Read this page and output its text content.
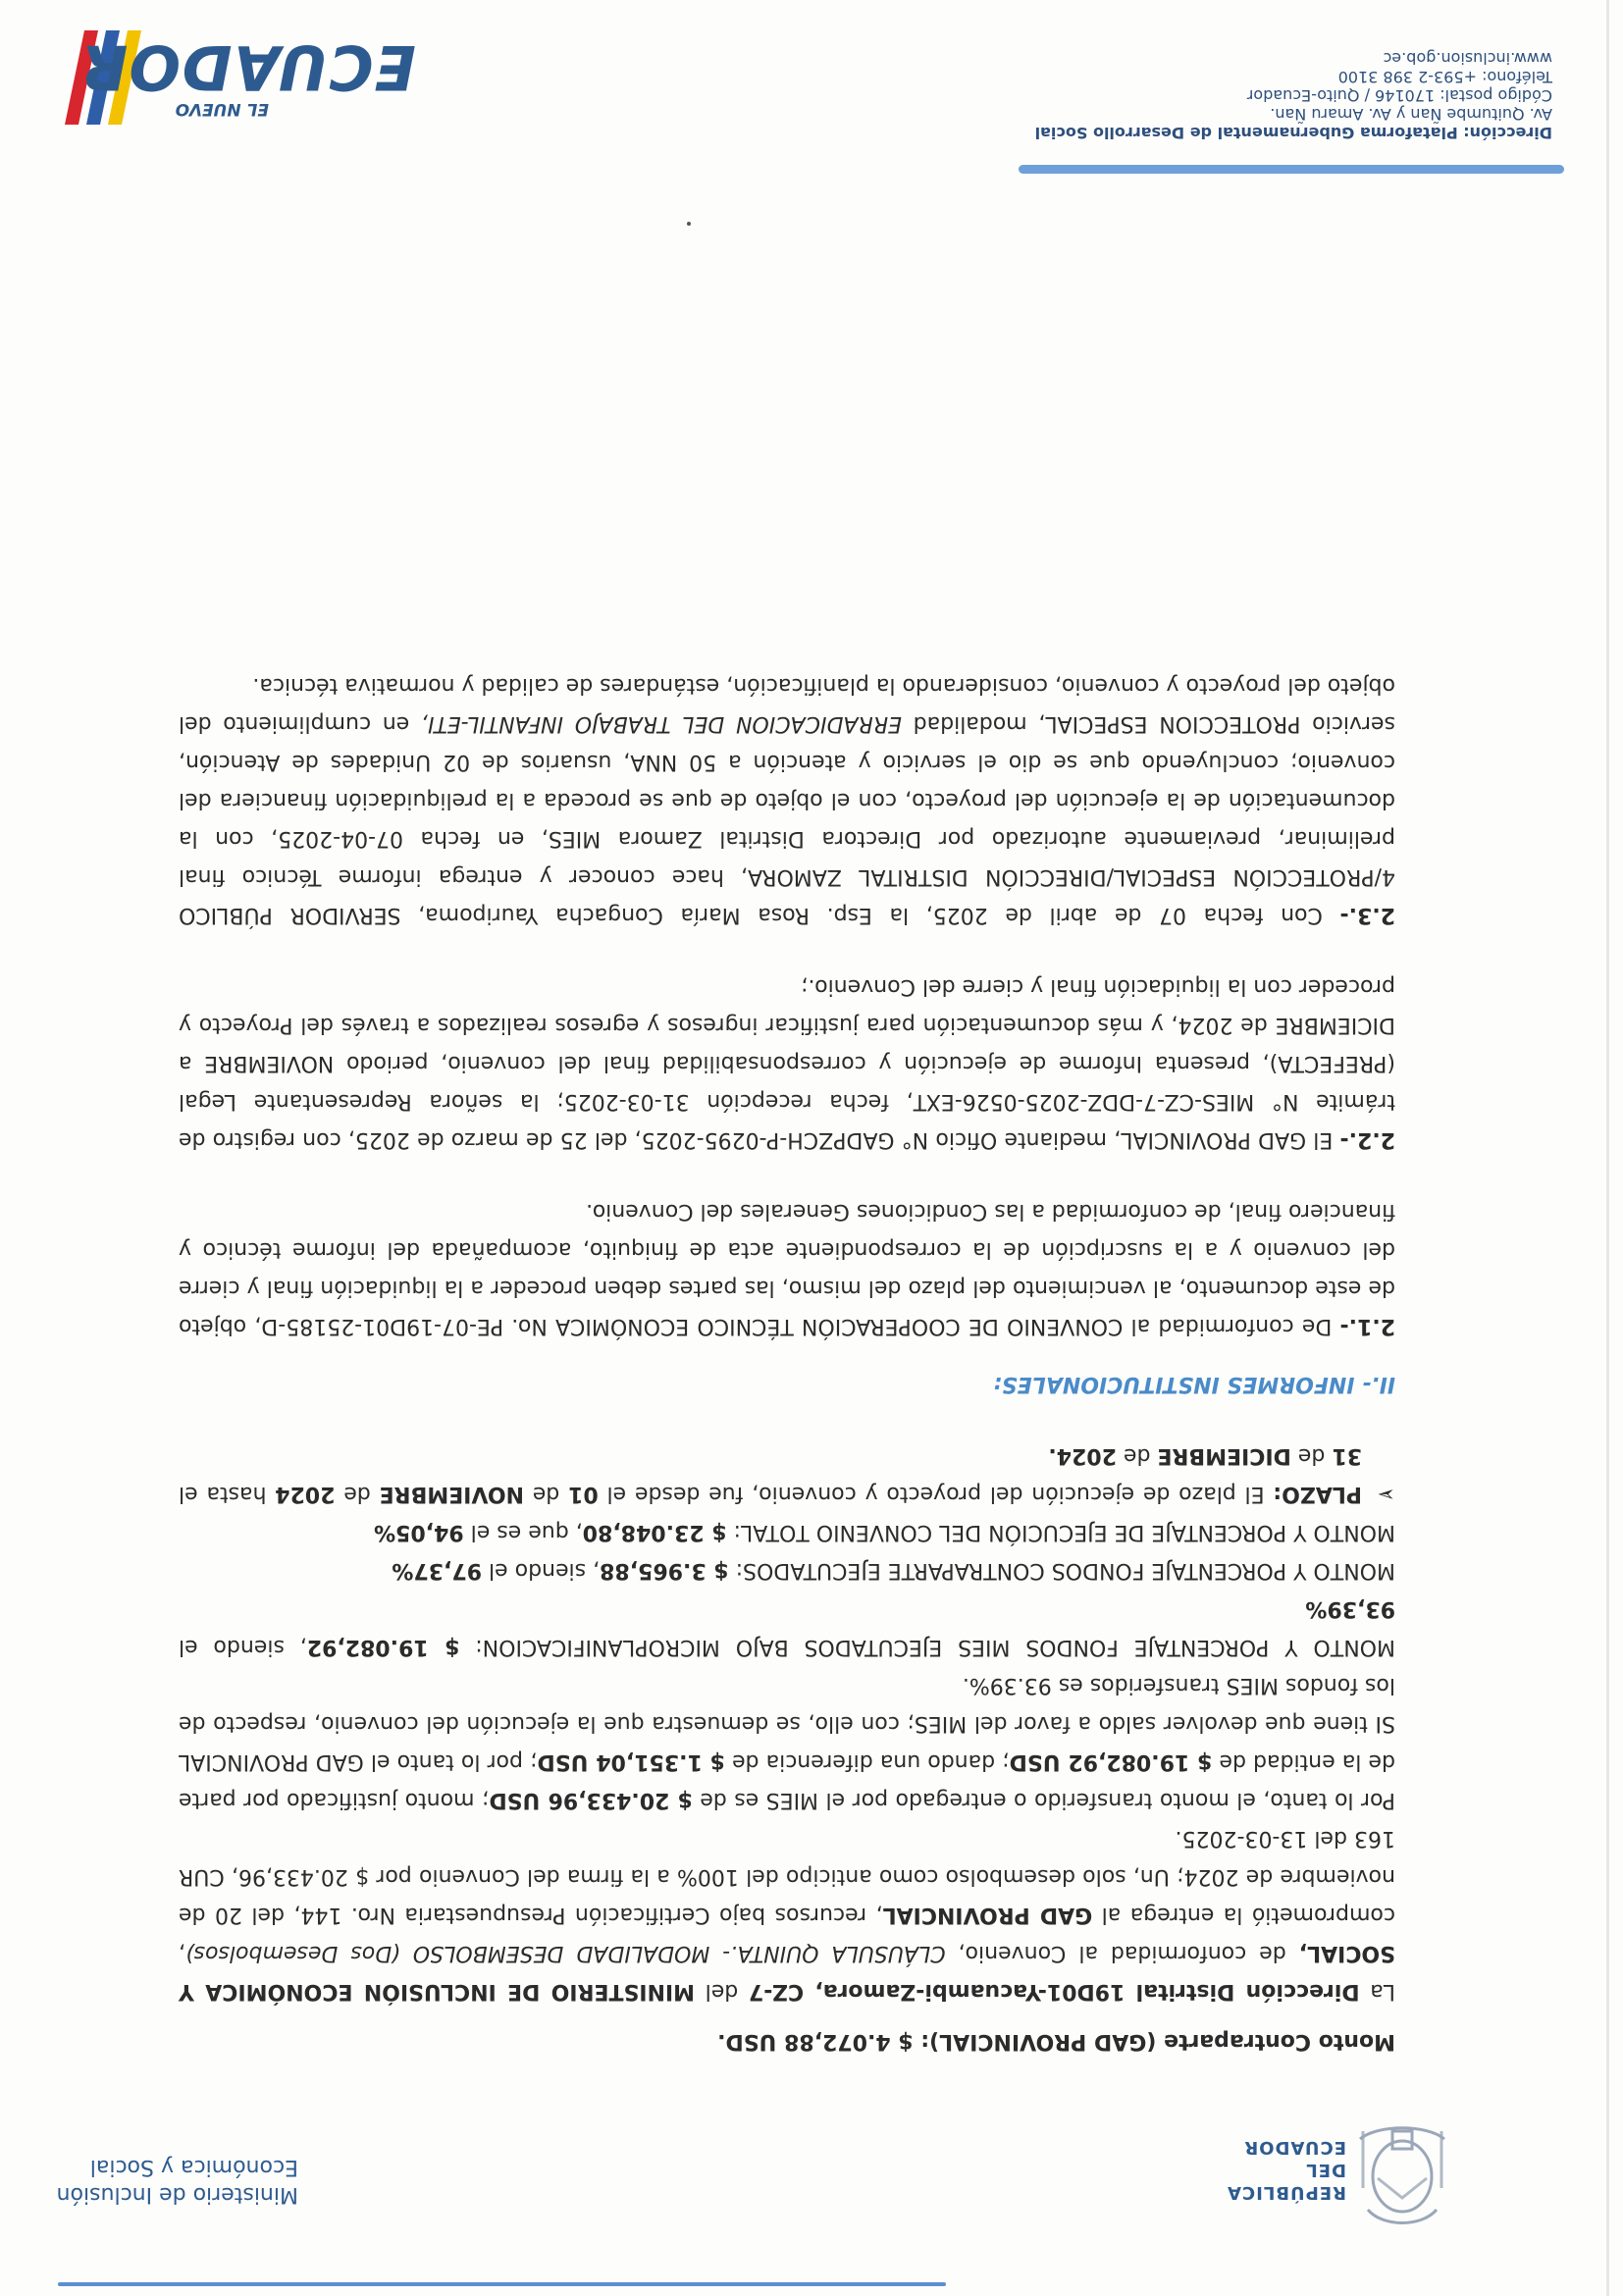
REPÚBLICA
DEL ECUADOR
Ministerio de Inclusión
Económica y Social

Monto Contraparte (GAD PROVINCIAL): $ 4.072,88 USD.

La Dirección Distrital 19D01-Yacuambi-Zamora, CZ-7 del MINISTERIO DE INCLUSIÓN ECONÓMICA Y SOCIAL, de conformidad al Convenio, CLÁUSULA QUINTA.- MODALIDAD DESEMBOLSO (Dos Desembolsos), comprometió la entrega al GAD PROVINCIAL, recursos bajo Certificación Presupuestaria Nro. 144, del 20 de noviembre de 2024; Un, solo desembolso como anticipo del 100% a la firma del Convenio por $ 20.433,96, CUR 163 del 13-03-2025.

Por lo tanto, el monto transferido o entregado por el MIES es de $ 20.433,96 USD; monto justificado por parte de la entidad de $ 19.082,92 USD; dando una diferencia de $ 1.351,04 USD; por lo tanto el GAD PROVINCIAL SI tiene que devolver saldo a favor del MIES; con ello, se demuestra que la ejecución del convenio, respecto de los fondos MIES transferidos es 93.39%.

MONTO Y PORCENTAJE FONDOS MIES EJECUTADOS BAJO MICROPLANIFICACION: $ 19.082,92, siendo el 93,39%

MONTO Y PORCENTAJE FONDOS CONTRAPARTE EJECUTADOS: $ 3.965,88, siendo el 97,37%

MONTO Y PORCENTAJE DE EJECUCIÓN DEL CONVENIO TOTAL: $ 23.048,80, que es el 94,05%

➢
PLAZO: El plazo de ejecución del proyecto y convenio, fue desde el 01 de NOVIEMBRE de 2024 hasta el 31 de DICIEMBRE de 2024.

II.- INFORMES INSTITUCIONALES:

2.1.- De conformidad al CONVENIO DE COOPERACIÓN TÉCNICO ECONÓMICA No. PE-07-19D01-25185-D, objeto de este documento, al vencimiento del plazo del mismo, las partes deben proceder a la liquidación final y cierre del convenio y a la suscripción de la correspondiente acta de finiquito, acompañada del informe técnico y financiero final, de conformidad a las Condiciones Generales del Convenio.

2.2.- El GAD PROVINCIAL, mediante Oficio N° GADPZCH-P-0295-2025, del 25 de marzo de 2025, con registro de trámite N° MIES-CZ-7-DDZ-2025-0526-EXT, fecha recepción 31-03-2025; la señora Representante Legal (PREFECTA), presenta Informe de ejecución y corresponsabilidad final del convenio, periodo NOVIEMBRE a DICIEMBRE de 2024, y más documentación para justificar ingresos y egresos realizados a través del Proyecto y proceder con la liquidación final y cierre del Convenio.;

2.3.- Con fecha 07 de abril de 2025, la Esp. Rosa María Congacha Yauripoma, SERVIDOR PÚBLICO 4/PROTECCIÓN ESPECIAL/DIRECCIÓN DISTRITAL ZAMORA, hace conocer y entrega informe Técnico final preliminar, previamente autorizado por Directora Distrital Zamora MIES, en fecha 07-04-2025, con la documentación de la ejecución del proyecto, con el objeto de que se proceda a la preliquidación financiera del convenio; concluyendo que se dio el servicio y atención a 50 NNA, usuarios de 02 Unidades de Atención, servicio PROTECCION ESPECIAL, modalidad ERRADICACION DEL TRABAJO INFANTIL-ETI, en cumplimiento del objeto del proyecto y convenio, considerando la planificación, estándares de calidad y normativa técnica.

Dirección: Plataforma Gubernamental de Desarrollo Social
Av. Quitumbe Ñan y Av. Amaru Ñan.
Código postal: 170146 / Quito-Ecuador
Teléfono: +593-2 398 3100
www.inclusion.gob.ec
EL NUEVO
ECUADOR
